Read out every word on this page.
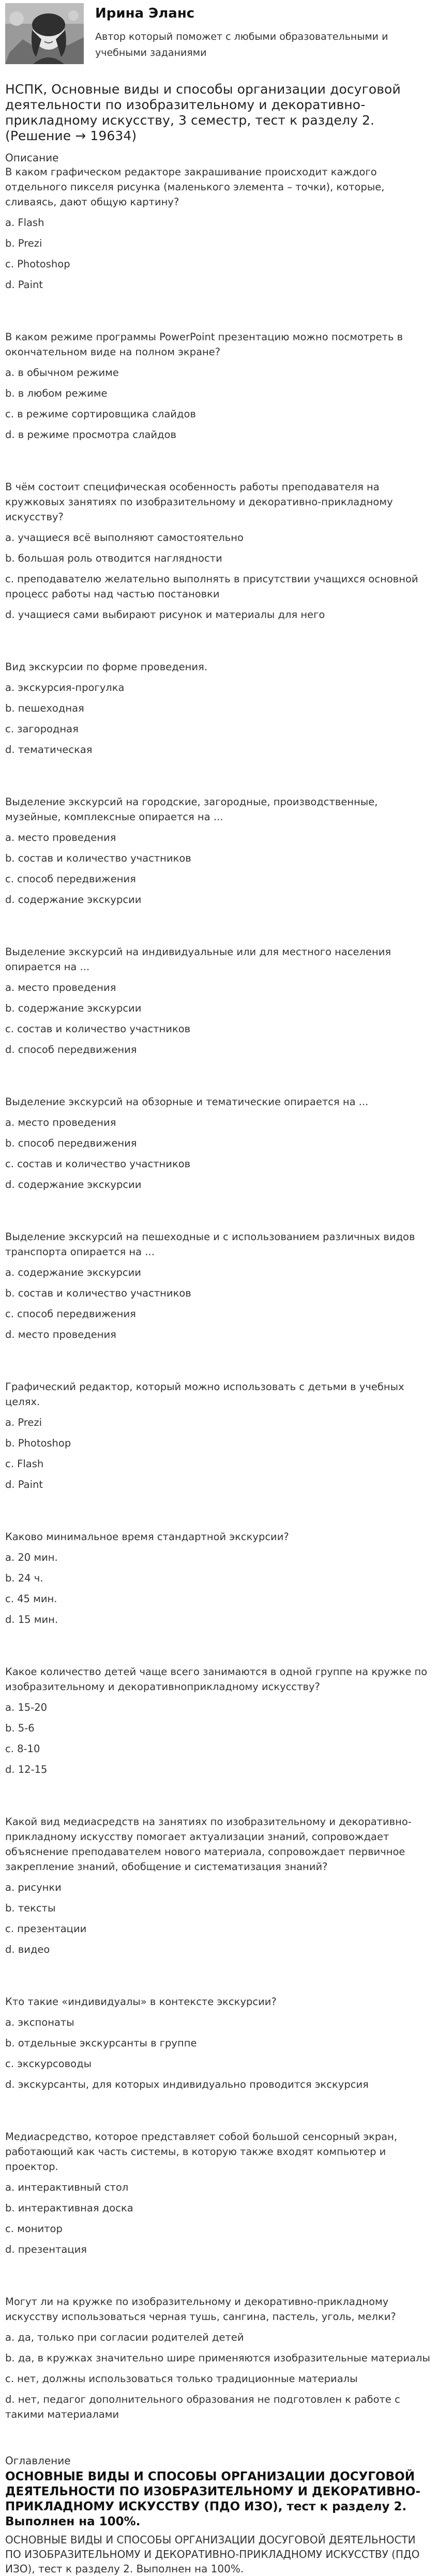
Ирина Эланс
Автор который поможет с любыми образовательными и учебными заданиями
НСПК, Основные виды и способы организации досуговой деятельности по изобразительному и декоративно-прикладному искусству, 3 семестр, тест к разделу 2. (Решение → 19634)
Описание

В каком графическом редакторе закрашивание происходит каждого отдельного пикселя рисунка (маленького элемента – точки), которые, сливаясь, дают общую картину?

a. Flash
b. Prezi
c. Photoshop
d. Paint

В каком режиме программы PowerPoint презентацию можно посмотреть в окончательном виде на полном экране?

a. в обычном режиме
b. в любом режиме
c. в режиме сортировщика слайдов
d. в режиме просмотра слайдов

В чём состоит специфическая особенность работы преподавателя на кружковых занятиях по изобразительному и декоративно-прикладному искусству?

a. учащиеся всё выполняют самостоятельно
b. большая роль отводится наглядности
c. преподавателю желательно выполнять в присутствии учащихся основной процесс работы над частью постановки
d. учащиеся сами выбирают рисунок и материалы для него

Вид экскурсии по форме проведения.

a. экскурсия-прогулка
b. пешеходная
c. загородная
d. тематическая

Выделение экскурсий на городские, загородные, производственные, музейные, комплексные опирается на ...

a. место проведения
b. состав и количество участников
c. способ передвижения
d. содержание экскурсии

Выделение экскурсий на индивидуальные или для местного населения опирается на ...

a. место проведения
b. содержание экскурсии
c. состав и количество участников
d. способ передвижения

Выделение экскурсий на обзорные и тематические опирается на ...

a. место проведения
b. способ передвижения
c. состав и количество участников
d. содержание экскурсии

Выделение экскурсий на пешеходные и с использованием различных видов транспорта опирается на ...

a. содержание экскурсии
b. состав и количество участников
c. способ передвижения
d. место проведения

Графический редактор, который можно использовать с детьми в учебных целях.

a. Prezi
b. Photoshop
c. Flash
d. Paint

Каково минимальное время стандартной экскурсии?

a. 20 мин.
b. 24 ч.
c. 45 мин.
d. 15 мин.

Какое количество детей чаще всего занимаются в одной группе на кружке по изобразительному и декоративноприкладному искусству?

a. 15-20
b. 5-6
c. 8-10
d. 12-15

Какой вид медиасредств на занятиях по изобразительному и декоративно-прикладному искусству помогает актуализации знаний, сопровождает объяснение преподавателем нового материала, сопровождает первичное закрепление знаний, обобщение и систематизация знаний?

a. рисунки
b. тексты
c. презентации
d. видео

Кто такие «индивидуалы» в контексте экскурсии?

a. экспонаты
b. отдельные экскурсанты в группе
c. экскурсоводы
d. экскурсанты, для которых индивидуально проводится экскурсия

Медиасредство, которое представляет собой большой сенсорный экран, работающий как часть системы, в которую также входят компьютер и проектор.

a. интерактивный стол
b. интерактивная доска
c. монитор
d. презентация

Могут ли на кружке по изобразительному и декоративно-прикладному искусству использоваться черная тушь, сангина, пастель, уголь, мелки?

a. да, только при согласии родителей детей
b. да, в кружках значительно шире применяются изобразительные материалы
c. нет, должны использоваться только традиционные материалы
d. нет, педагог дополнительного образования не подготовлен к работе с такими материалами
Оглавление
ОСНОВНЫЕ ВИДЫ И СПОСОБЫ ОРГАНИЗАЦИИ ДОСУГОВОЙ ДЕЯТЕЛЬНОСТИ ПО ИЗОБРАЗИТЕЛЬНОМУ И ДЕКОРАТИВНО-ПРИКЛАДНОМУ ИСКУССТВУ (ПДО ИЗО), тест к разделу 2. Выполнен на 100%.

ОСНОВНЫЕ ВИДЫ И СПОСОБЫ ОРГАНИЗАЦИИ ДОСУГОВОЙ ДЕЯТЕЛЬНОСТИ ПО ИЗОБРАЗИТЕЛЬНОМУ И ДЕКОРАТИВНО-ПРИКЛАДНОМУ ИСКУССТВУ (ПДО ИЗО), тест к разделу 2. Выполнен на 100%.
